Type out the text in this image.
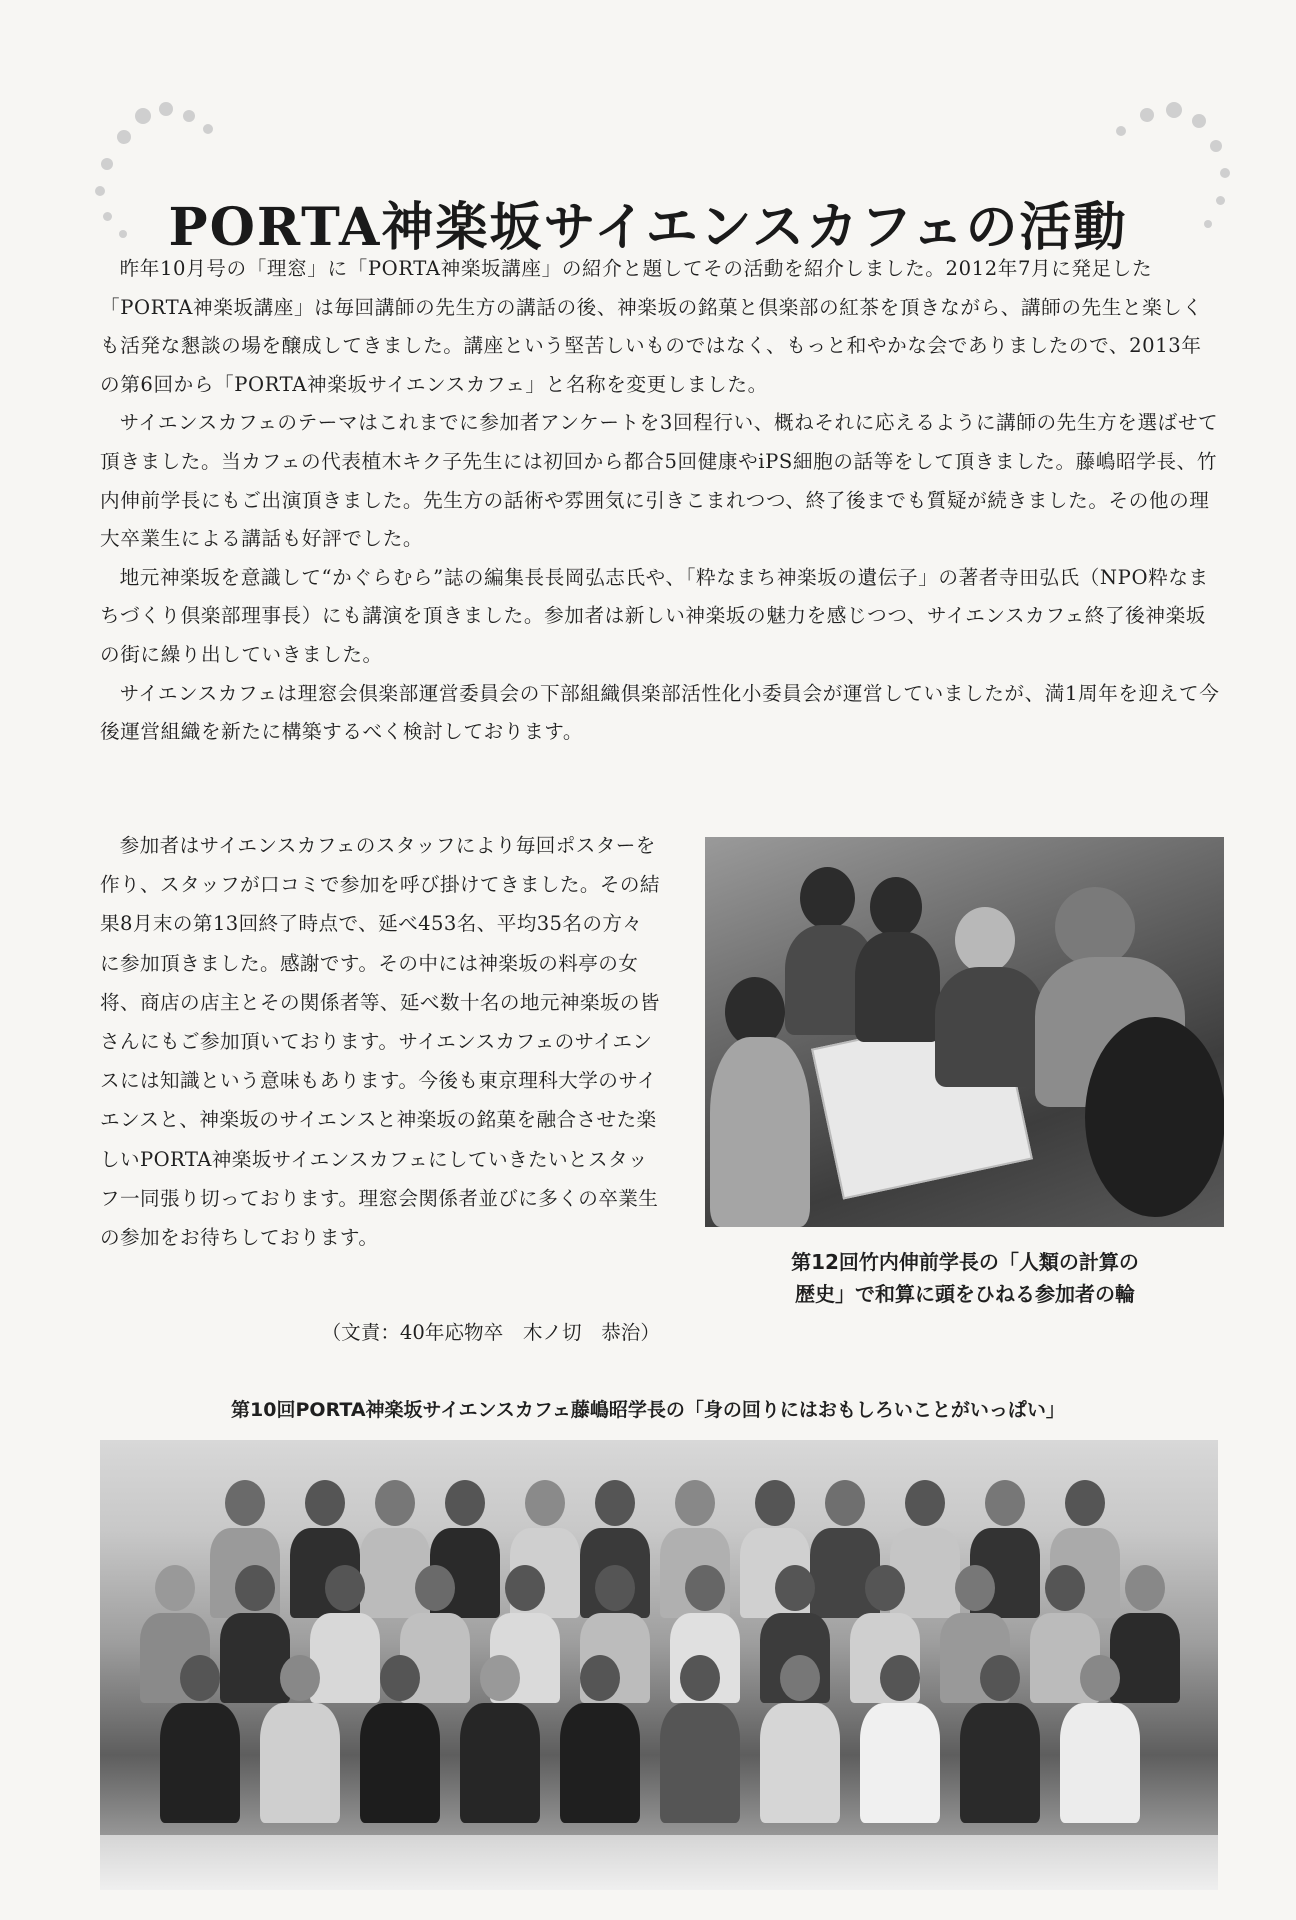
PORTA神楽坂サイエンスカフェの活動

昨年10月号の「理窓」に「PORTA神楽坂講座」の紹介と題してその活動を紹介しました。2012年7月に発足した「PORTA神楽坂講座」は毎回講師の先生方の講話の後、神楽坂の銘菓と倶楽部の紅茶を頂きながら、講師の先生と楽しくも活発な懇談の場を醸成してきました。講座という堅苦しいものではなく、もっと和やかな会でありましたので、2013年の第6回から「PORTA神楽坂サイエンスカフェ」と名称を変更しました。

サイエンスカフェのテーマはこれまでに参加者アンケートを3回程行い、概ねそれに応えるように講師の先生方を選ばせて頂きました。当カフェの代表植木キク子先生には初回から都合5回健康やiPS細胞の話等をして頂きました。藤嶋昭学長、竹内伸前学長にもご出演頂きました。先生方の話術や雰囲気に引きこまれつつ、終了後までも質疑が続きました。その他の理大卒業生による講話も好評でした。

地元神楽坂を意識して“かぐらむら”誌の編集長長岡弘志氏や、「粋なまち神楽坂の遺伝子」の著者寺田弘氏（NPO粋なまちづくり倶楽部理事長）にも講演を頂きました。参加者は新しい神楽坂の魅力を感じつつ、サイエンスカフェ終了後神楽坂の街に繰り出していきました。

サイエンスカフェは理窓会倶楽部運営委員会の下部組織倶楽部活性化小委員会が運営していましたが、満1周年を迎えて今後運営組織を新たに構築するべく検討しております。

参加者はサイエンスカフェのスタッフにより毎回ポスターを作り、スタッフが口コミで参加を呼び掛けてきました。その結果8月末の第13回終了時点で、延べ453名、平均35名の方々に参加頂きました。感謝です。その中には神楽坂の料亭の女将、商店の店主とその関係者等、延べ数十名の地元神楽坂の皆さんにもご参加頂いております。サイエンスカフェのサイエンスには知識という意味もあります。今後も東京理科大学のサイエンスと、神楽坂のサイエンスと神楽坂の銘菓を融合させた楽しいPORTA神楽坂サイエンスカフェにしていきたいとスタッフ一同張り切っております。理窓会関係者並びに多くの卒業生の参加をお待ちしております。

（文責：40年応物卒　木ノ切　恭治）
第12回竹内伸前学長の「人類の計算の
歴史」で和算に頭をひねる参加者の輪
第10回PORTA神楽坂サイエンスカフェ藤嶋昭学長の「身の回りにはおもしろいことがいっぱい」
